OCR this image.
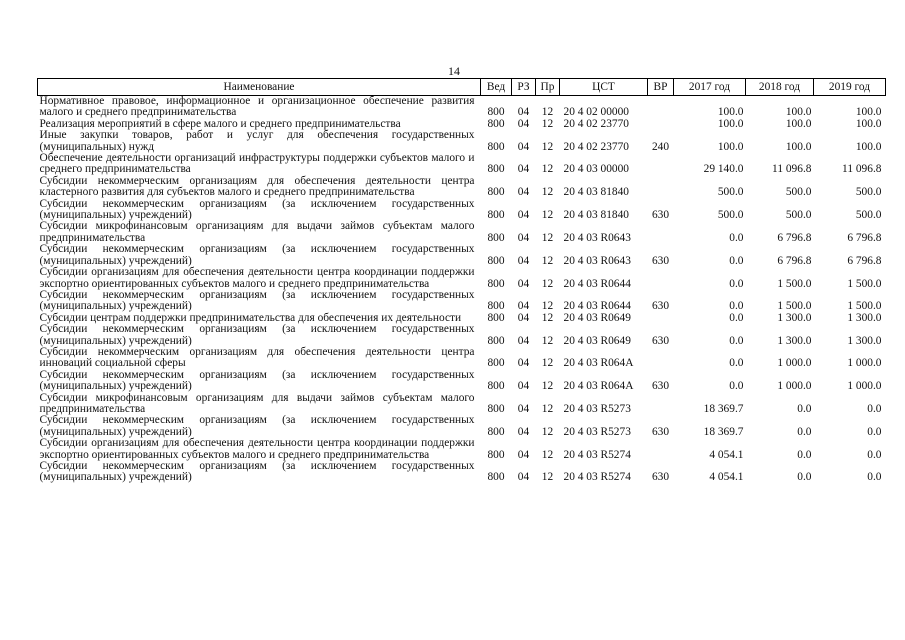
14
Наименование	Вед	РЗ	Пр	ЦСТ	ВР	2017 год	2018 год	2019 год
Нормативное правовое, информационное и организационное обеспечение развития малого и среднего предпринимательства	800	04	12	20 4 02 00000		100.0	100.0	100.0
Реализация мероприятий в сфере малого и среднего предпринимательства	800	04	12	20 4 02 23770		100.0	100.0	100.0
Иные закупки товаров, работ и услуг для обеспечения государственных (муниципальных) нужд	800	04	12	20 4 02 23770	240	100.0	100.0	100.0
Обеспечение деятельности организаций инфраструктуры поддержки субъектов малого и среднего предпринимательства	800	04	12	20 4 03 00000		29 140.0	11 096.8	11 096.8
Субсидии некоммерческим организациям для обеспечения деятельности центра кластерного развития для субъектов малого и среднего предпринимательства	800	04	12	20 4 03 81840		500.0	500.0	500.0
Субсидии некоммерческим организациям (за исключением государственных (муниципальных) учреждений)	800	04	12	20 4 03 81840	630	500.0	500.0	500.0
Субсидии микрофинансовым организациям для выдачи займов субъектам малого предпринимательства	800	04	12	20 4 03 R0643		0.0	6 796.8	6 796.8
Субсидии некоммерческим организациям (за исключением государственных (муниципальных) учреждений)	800	04	12	20 4 03 R0643	630	0.0	6 796.8	6 796.8
Субсидии организациям для обеспечения деятельности центра координации поддержки экспортно ориентированных субъектов малого и среднего предпринимательства	800	04	12	20 4 03 R0644		0.0	1 500.0	1 500.0
Субсидии некоммерческим организациям (за исключением государственных (муниципальных) учреждений)	800	04	12	20 4 03 R0644	630	0.0	1 500.0	1 500.0
Субсидии центрам поддержки предпринимательства для обеспечения их деятельности	800	04	12	20 4 03 R0649		0.0	1 300.0	1 300.0
Субсидии некоммерческим организациям (за исключением государственных (муниципальных) учреждений)	800	04	12	20 4 03 R0649	630	0.0	1 300.0	1 300.0
Субсидии некоммерческим организациям для обеспечения деятельности центра инноваций социальной сферы	800	04	12	20 4 03 R064A		0.0	1 000.0	1 000.0
Субсидии некоммерческим организациям (за исключением государственных (муниципальных) учреждений)	800	04	12	20 4 03 R064A	630	0.0	1 000.0	1 000.0
Субсидии микрофинансовым организациям для выдачи займов субъектам малого предпринимательства	800	04	12	20 4 03 R5273		18 369.7	0.0	0.0
Субсидии некоммерческим организациям (за исключением государственных (муниципальных) учреждений)	800	04	12	20 4 03 R5273	630	18 369.7	0.0	0.0
Субсидии организациям для обеспечения деятельности центра координации поддержки экспортно ориентированных субъектов малого и среднего предпринимательства	800	04	12	20 4 03 R5274		4 054.1	0.0	0.0
Субсидии некоммерческим организациям (за исключением государственных (муниципальных) учреждений)	800	04	12	20 4 03 R5274	630	4 054.1	0.0	0.0
